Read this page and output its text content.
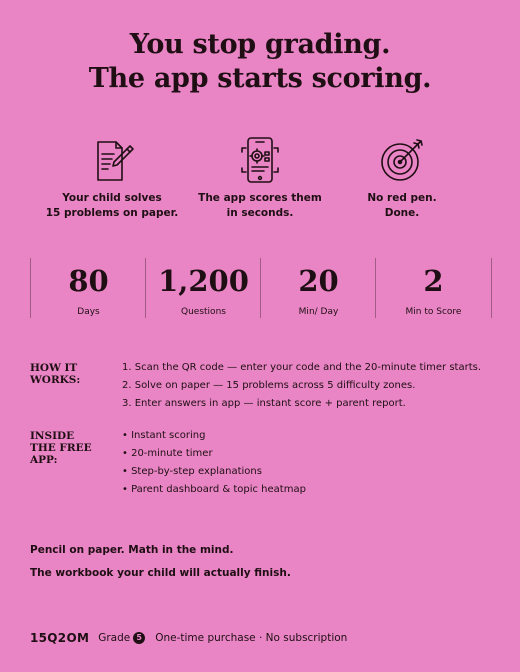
You stop grading.
The app starts scoring.
Your child solves
15 problems on paper.
The app scores them
in seconds.
No red pen.
Done.
80
Days
1,200
Questions
20
Min/ Day
2
Min to Score
HOW IT
WORKS:
1. Scan the QR code — enter your code and the 20-minute timer starts.
2. Solve on paper — 15 problems across 5 difficulty zones.
3. Enter answers in app — instant score + parent report.
INSIDE
THE FREE
APP:
• Instant scoring
• 20-minute timer
• Step-by-step explanations
• Parent dashboard & topic heatmap
Pencil on paper. Math in the mind.
The workbook your child will actually finish.
15Q2OM Grade 5	One-time purchase · No subscription
